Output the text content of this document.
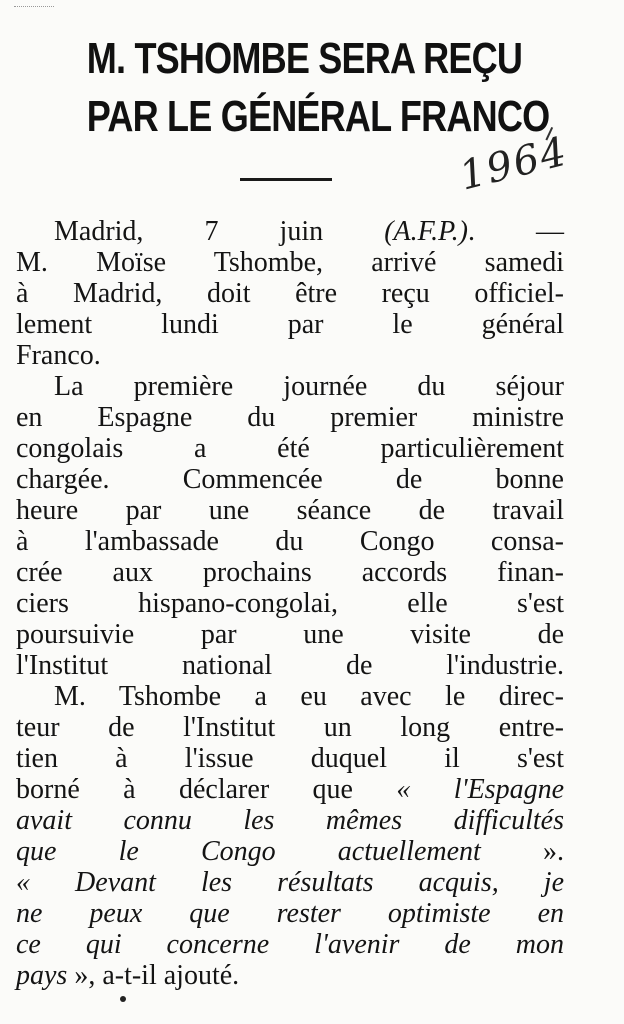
M. TSHOMBE SERA REÇU
PAR LE GÉNÉRAL FRANCO
1964

Madrid, 7 juin (A.F.P.). —

M. Moïse Tshombe, arrivé samedi
à Madrid, doit être reçu officiel-
lement lundi par le général
Franco.

La première journée du séjour

en Espagne du premier ministre
congolais a été particulièrement
chargée. Commencée de bonne
heure par une séance de travail
à l'ambassade du Congo consa-
crée aux prochains accords finan-
ciers hispano-congolai, elle s'est
poursuivie par une visite de
l'Institut national de l'industrie.

M. Tshombe a eu avec le direc-

teur de l'Institut un long entre-
tien à l'issue duquel il s'est
borné à déclarer que « l'Espagne
avait connu les mêmes difficultés
que le Congo actuellement ».
« Devant les résultats acquis, je
ne peux que rester optimiste en
ce qui concerne l'avenir de mon
pays », a-t-il ajouté.
